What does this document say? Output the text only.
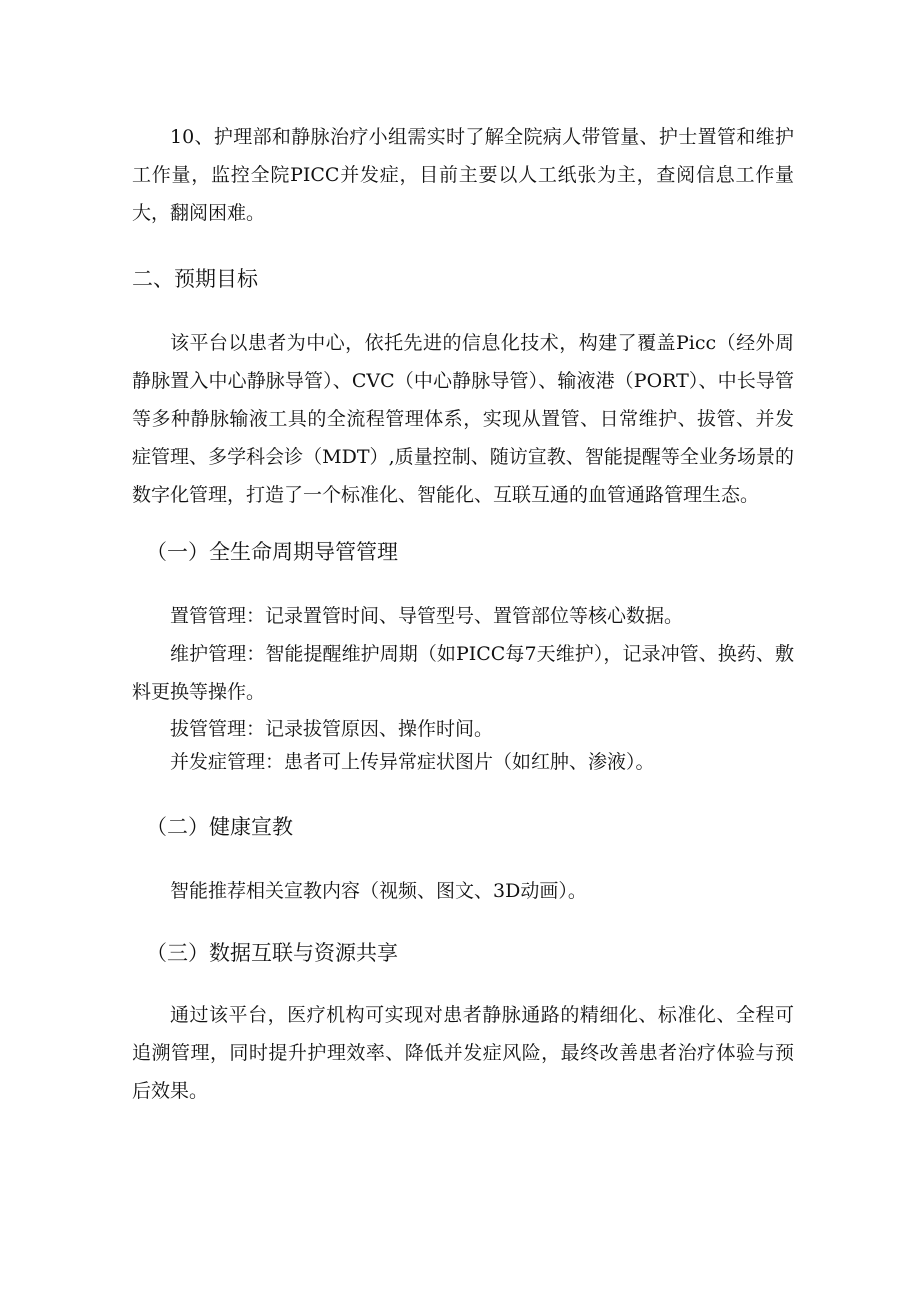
10、护理部和静脉治疗小组需实时了解全院病人带管量、护士置管和维护工作量，监控全院PICC并发症，目前主要以人工纸张为主，查阅信息工作量大，翻阅困难。

二、预期目标

该平台以患者为中心，依托先进的信息化技术，构建了覆盖Picc（经外周静脉置入中心静脉导管）、CVC（中心静脉导管）、输液港（PORT）、中长导管等多种静脉输液工具的全流程管理体系，实现从置管、日常维护、拔管、并发症管理、多学科会诊（MDT）,质量控制、随访宣教、智能提醒等全业务场景的数字化管理，打造了一个标准化、智能化、互联互通的血管通路管理生态。

（一）全生命周期导管管理

置管管理：记录置管时间、导管型号、置管部位等核心数据。

维护管理：智能提醒维护周期（如PICC每7天维护），记录冲管、换药、敷料更换等操作。

拔管管理：记录拔管原因、操作时间。

并发症管理：患者可上传异常症状图片（如红肿、渗液）。

（二）健康宣教

智能推荐相关宣教内容（视频、图文、3D动画）。

（三）数据互联与资源共享

通过该平台，医疗机构可实现对患者静脉通路的精细化、标准化、全程可追溯管理，同时提升护理效率、降低并发症风险，最终改善患者治疗体验与预后效果。
